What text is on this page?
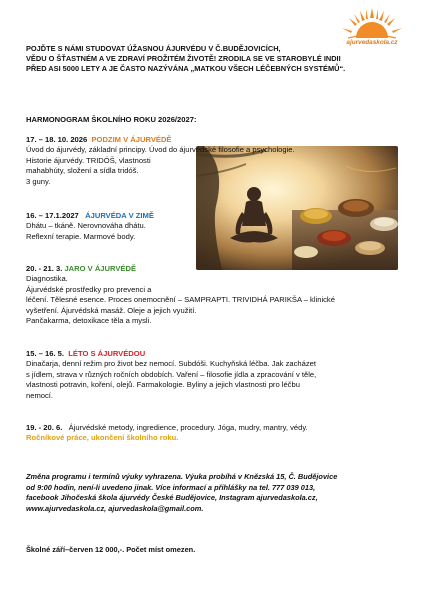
ajurvedaskola.cz
POJĎTE S NÁMI STUDOVAT ÚŽASNOU ÁJURVÉDU V Č.BUDĚJOVICÍCH,
VĚDU O ŠŤASTNÉM A VE ZDRAVÍ PROŽITÉM ŽIVOTĚ! ZRODILA SE VE STAROBYLÉ INDII
PŘED ASI 5000 LETY A JE ČASTO NAZÝVÁNA „MATKOU VŠECH LÉČEBNÝCH SYSTÉMŮ“.
HARMONOGRAM ŠKOLNÍHO ROKU 2026/2027:
17. – 18. 10. 2026 PODZIM V ÁJURVÉDĚ
Úvod do ájurvédy, základní principy. Úvod do ájurvédské filosofie a psychologie.
Historie ájurvédy. TRIDÓŠ, vlastnosti
mahabhúty, složení a sídla tridóš.
3 guny.
16. – 17.1.2027 ÁJURVÉDA V ZIMĚ
Dhátu – tkáně. Nerovnováha dhátu.
Reflexní terapie. Marmové body.
20. - 21. 3. JARO V ÁJURVÉDĚ
Diagnostika.
Ájurvédské prostředky pro prevenci a
léčení. Tělesné esence. Proces onemocnění – SAMPRAPTI. TRIVIDHÁ PARIKŠA – klinické
vyšetření. Ájurvédská masáž. Oleje a jejich využití.
Pančakarma, detoxikace těla a mysli.
15. – 16. 5. LÉTO S ÁJURVÉDOU
Dinačarja, denní režim pro život bez nemocí. Subdóši. Kuchyňská léčba. Jak zacházet
s jídlem, strava v různých ročních obdobích. Vaření – filosofie jídla a zpracování v těle,
vlastnosti potravin, koření, olejů. Farmakologie. Byliny a jejich vlastnosti pro léčbu
nemocí.
19. - 20. 6. Ájurvédské metody, ingredience, procedury. Jóga, mudry, mantry, védy.
Ročníkové práce, ukončení školního roku.
Změna programu i termínů výuky vyhrazena. Výuka probíhá v Knězská 15, Č. Budějovice
od 9:00 hodin, není-li uvedeno jinak. Více informací a přihlášky na tel. 777 039 013,
facebook Jihočeská škola ájurvédy České Budějovice, Instagram ajurvedaskola.cz,
www.ajurvedaskola.cz, ajurvedaskola@gmail.com.
Školné září–červen 12 000,-. Počet míst omezen.
